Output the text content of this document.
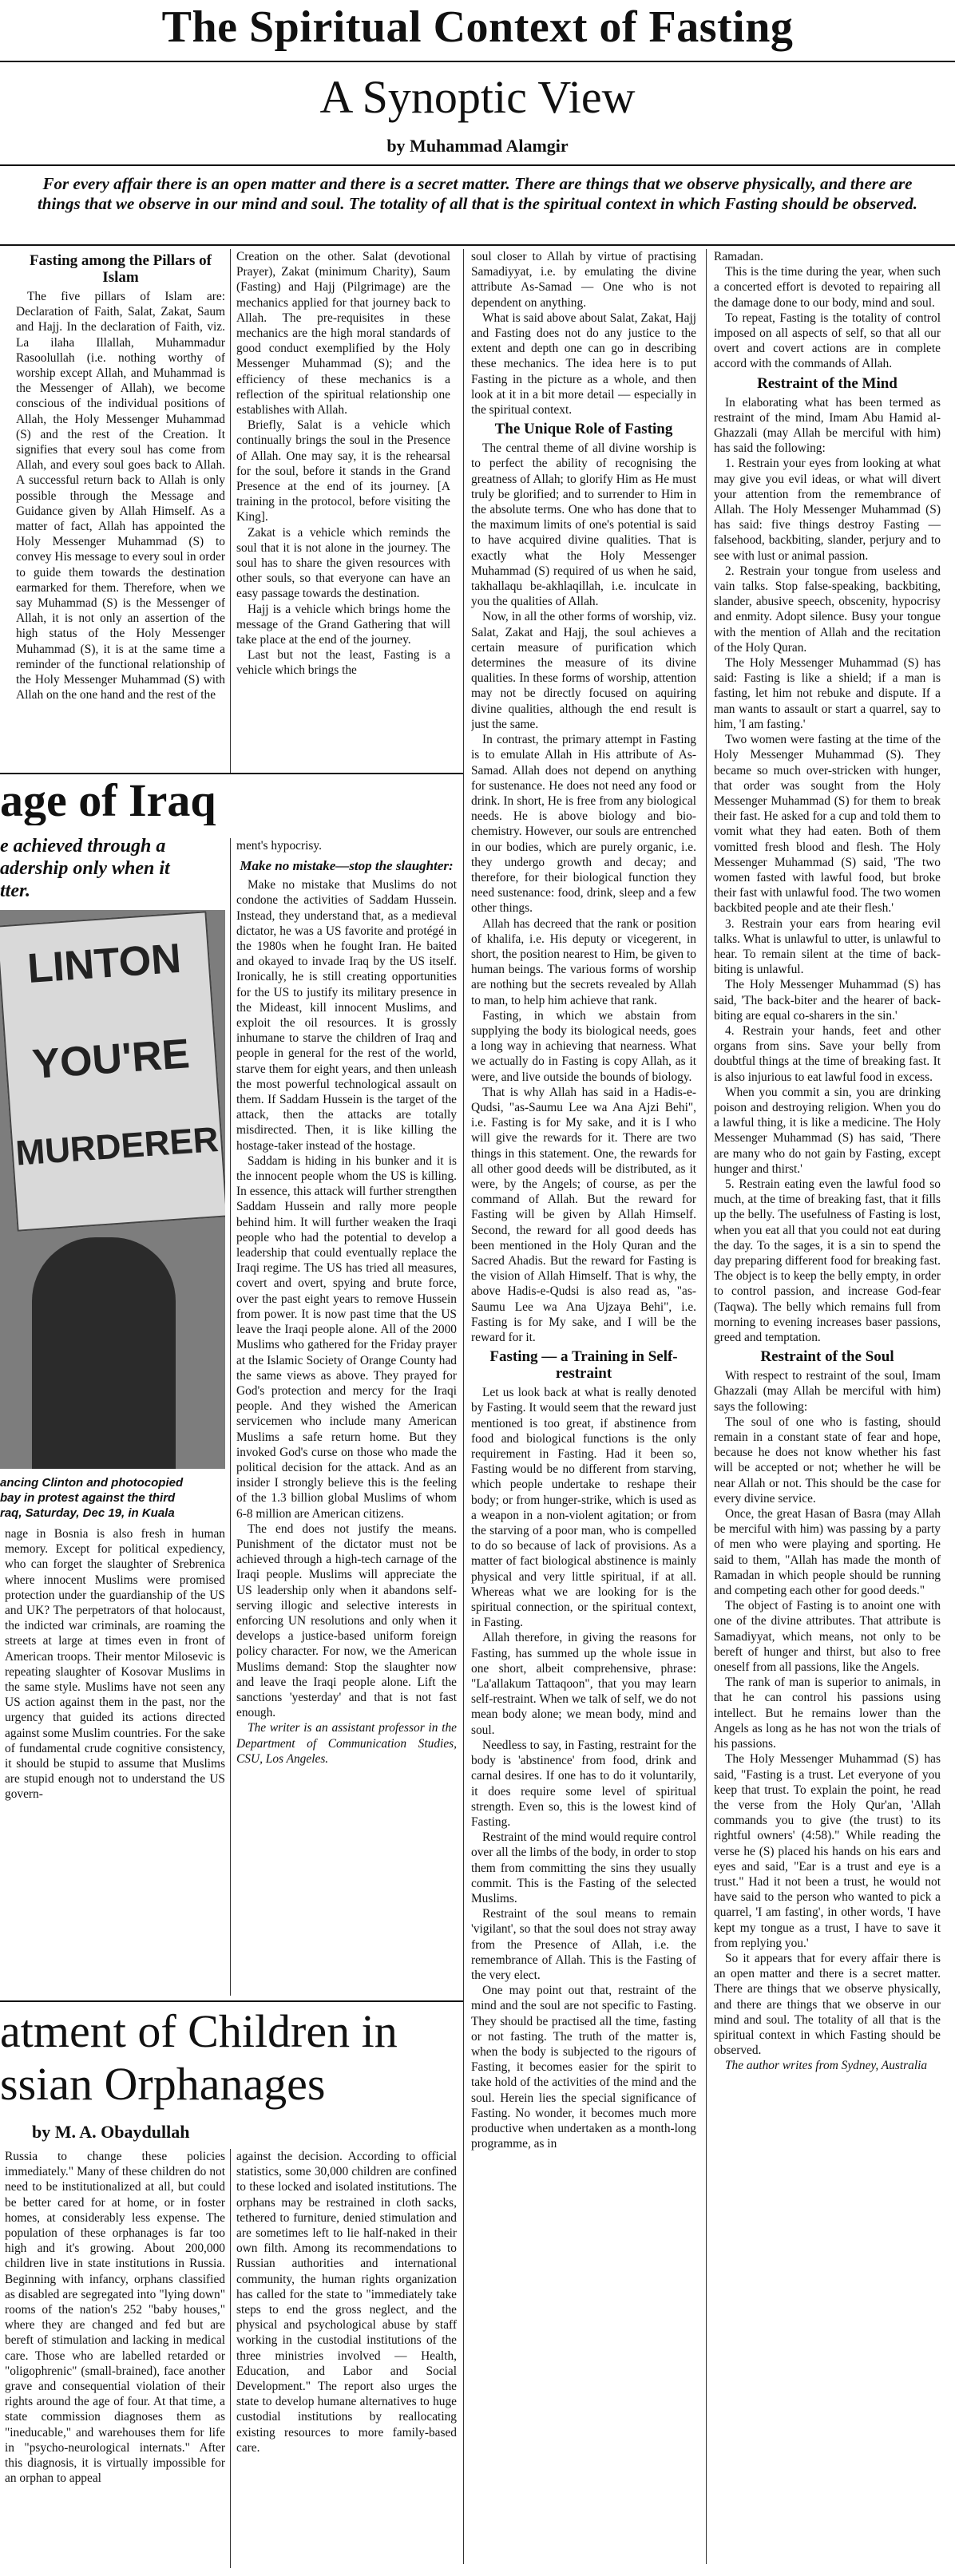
The Spiritual Context of Fasting
A Synoptic View
by Muhammad Alamgir
For every affair there is an open matter and there is a secret matter. There are things that we observe physically, and there are things that we observe in our mind and soul. The totality of all that is the spiritual context in which Fasting should be observed.
Fasting among the Pillars of Islam

The five pillars of Islam are: Declaration of Faith, Salat, Zakat, Saum and Hajj. In the declaration of Faith, viz. La ilaha Illallah, Muhammadur Rasoolullah (i.e. nothing worthy of worship except Allah, and Muhammad is the Messenger of Allah), we become conscious of the individual positions of Allah, the Holy Messenger Muhammad (S) and the rest of the Creation. It signifies that every soul has come from Allah, and every soul goes back to Allah. A successful return back to Allah is only possible through the Message and Guidance given by Allah Himself. As a matter of fact, Allah has appointed the Holy Messenger Muhammad (S) to convey His message to every soul in order to guide them towards the destination earmarked for them. Therefore, when we say Muhammad (S) is the Messenger of Allah, it is not only an assertion of the high status of the Holy Messenger Muhammad (S), it is at the same time a reminder of the functional relationship of the Holy Messenger Muhammad (S) with Allah on the one hand and the rest of the

Creation on the other. Salat (devotional Prayer), Zakat (minimum Charity), Saum (Fasting) and Hajj (Pilgrimage) are the mechanics applied for that journey back to Allah. The pre-requisites in these mechanics are the high moral standards of good conduct exemplified by the Holy Messenger Muhammad (S); and the efficiency of these mechanics is a reflection of the spiritual relationship one establishes with Allah.

Briefly, Salat is a vehicle which continually brings the soul in the Presence of Allah. One may say, it is the rehearsal for the soul, before it stands in the Grand Presence at the end of its journey. [A training in the protocol, before visiting the King].

Zakat is a vehicle which reminds the soul that it is not alone in the journey. The soul has to share the given resources with other souls, so that everyone can have an easy passage towards the destination.

Hajj is a vehicle which brings home the message of the Grand Gathering that will take place at the end of the journey.

Last but not the least, Fasting is a vehicle which brings the

soul closer to Allah by virtue of practising Samadiyyat, i.e. by emulating the divine attribute As-Samad — One who is not dependent on anything.

What is said above about Salat, Zakat, Hajj and Fasting does not do any justice to the extent and depth one can go in describing these mechanics. The idea here is to put Fasting in the picture as a whole, and then look at it in a bit more detail — especially in the spiritual context.

The Unique Role of Fasting

The central theme of all divine worship is to perfect the ability of recognising the greatness of Allah; to glorify Him as He must truly be glorified; and to surrender to Him in the absolute terms. One who has done that to the maximum limits of one's potential is said to have acquired divine qualities. That is exactly what the Holy Messenger Muhammad (S) required of us when he said, takhallaqu be-akhlaqillah, i.e. inculcate in you the qualities of Allah.

Now, in all the other forms of worship, viz. Salat, Zakat and Hajj, the soul achieves a certain measure of purification which determines the measure of its divine qualities. In these forms of worship, attention may not be directly focused on aquiring divine qualities, although the end result is just the same.

In contrast, the primary attempt in Fasting is to emulate Allah in His attribute of As-Samad. Allah does not depend on anything for sustenance. He does not need any food or drink. In short, He is free from any biological needs. He is above biology and bio-chemistry. However, our souls are entrenched in our bodies, which are purely organic, i.e. they undergo growth and decay; and therefore, for their biological function they need sustenance: food, drink, sleep and a few other things.

Allah has decreed that the rank or position of khalifa, i.e. His deputy or vicegerent, in short, the position nearest to Him, be given to human beings. The various forms of worship are nothing but the secrets revealed by Allah to man, to help him achieve that rank.

Fasting, in which we abstain from supplying the body its biological needs, goes a long way in achieving that nearness. What we actually do in Fasting is copy Allah, as it were, and live outside the bounds of biology.

That is why Allah has said in a Hadis-e-Qudsi, "as-Saumu Lee wa Ana Ajzi Behi", i.e. Fasting is for My sake, and it is I who will give the rewards for it. There are two things in this statement. One, the rewards for all other good deeds will be distributed, as it were, by the Angels; of course, as per the command of Allah. But the reward for Fasting will be given by Allah Himself. Second, the reward for all good deeds has been mentioned in the Holy Quran and the Sacred Ahadis. But the reward for Fasting is the vision of Allah Himself. That is why, the above Hadis-e-Qudsi is also read as, "as-Saumu Lee wa Ana Ujzaya Behi", i.e. Fasting is for My sake, and I will be the reward for it.

Fasting — a Training in Self-restraint

Let us look back at what is really denoted by Fasting. It would seem that the reward just mentioned is too great, if abstinence from food and biological functions is the only requirement in Fasting. Had it been so, Fasting would be no different from starving, which people undertake to reshape their body; or from hunger-strike, which is used as a weapon in a non-violent agitation; or from the starving of a poor man, who is compelled to do so because of lack of provisions. As a matter of fact biological abstinence is mainly physical and very little spiritual, if at all. Whereas what we are looking for is the spiritual connection, or the spiritual context, in Fasting.

Allah therefore, in giving the reasons for Fasting, has summed up the whole issue in one short, albeit comprehensive, phrase: "La'allakum Tattaqoon", that you may learn self-restraint. When we talk of self, we do not mean body alone; we mean body, mind and soul.

Needless to say, in Fasting, restraint for the body is 'abstinence' from food, drink and carnal desires. If one has to do it voluntarily, it does require some level of spiritual strength. Even so, this is the lowest kind of Fasting.

Restraint of the mind would require control over all the limbs of the body, in order to stop them from committing the sins they usually commit. This is the Fasting of the selected Muslims.

Restraint of the soul means to remain 'vigilant', so that the soul does not stray away from the Presence of Allah, i.e. the remembrance of Allah. This is the Fasting of the very elect.

One may point out that, restraint of the mind and the soul are not specific to Fasting. They should be practised all the time, fasting or not fasting. The truth of the matter is, when the body is subjected to the rigours of Fasting, it becomes easier for the spirit to take hold of the activities of the mind and the soul. Herein lies the special significance of Fasting. No wonder, it becomes much more productive when undertaken as a month-long programme, as in

Ramadan.

This is the time during the year, when such a concerted effort is devoted to repairing all the damage done to our body, mind and soul.

To repeat, Fasting is the totality of control imposed on all aspects of self, so that all our overt and covert actions are in complete accord with the commands of Allah.

Restraint of the Mind

In elaborating what has been termed as restraint of the mind, Imam Abu Hamid al-Ghazzali (may Allah be merciful with him) has said the following:

1. Restrain your eyes from looking at what may give you evil ideas, or what will divert your attention from the remembrance of Allah. The Holy Messenger Muhammad (S) has said: five things destroy Fasting — falsehood, backbiting, slander, perjury and to see with lust or animal passion.

2. Restrain your tongue from useless and vain talks. Stop false-speaking, backbiting, slander, abusive speech, obscenity, hypocrisy and enmity. Adopt silence. Busy your tongue with the mention of Allah and the recitation of the Holy Quran.

The Holy Messenger Muhammad (S) has said: Fasting is like a shield; if a man is fasting, let him not rebuke and dispute. If a man wants to assault or start a quarrel, say to him, 'I am fasting.'

Two women were fasting at the time of the Holy Messenger Muhammad (S). They became so much over-stricken with hunger, that order was sought from the Holy Messenger Muhammad (S) for them to break their fast. He asked for a cup and told them to vomit what they had eaten. Both of them vomitted fresh blood and flesh. The Holy Messenger Muhammad (S) said, 'The two women fasted with lawful food, but broke their fast with unlawful food. The two women backbited people and ate their flesh.'

3. Restrain your ears from hearing evil talks. What is unlawful to utter, is unlawful to hear. To remain silent at the time of back-biting is unlawful.

The Holy Messenger Muhammad (S) has said, 'The back-biter and the hearer of back-biting are equal co-sharers in the sin.'

4. Restrain your hands, feet and other organs from sins. Save your belly from doubtful things at the time of breaking fast. It is also injurious to eat lawful food in excess.

When you commit a sin, you are drinking poison and destroying religion. When you do a lawful thing, it is like a medicine. The Holy Messenger Muhammad (S) has said, 'There are many who do not gain by Fasting, except hunger and thirst.'

5. Restrain eating even the lawful food so much, at the time of breaking fast, that it fills up the belly. The usefulness of Fasting is lost, when you eat all that you could not eat during the day. To the sages, it is a sin to spend the day preparing different food for breaking fast. The object is to keep the belly empty, in order to control passion, and increase God-fear (Taqwa). The belly which remains full from morning to evening increases baser passions, greed and temptation.

Restraint of the Soul

With respect to restraint of the soul, Imam Ghazzali (may Allah be merciful with him) says the following:

The soul of one who is fasting, should remain in a constant state of fear and hope, because he does not know whether his fast will be accepted or not; whether he will be near Allah or not. This should be the case for every divine service.

Once, the great Hasan of Basra (may Allah be merciful with him) was passing by a party of men who were playing and sporting. He said to them, "Allah has made the month of Ramadan in which people should be running and competing each other for good deeds."

The object of Fasting is to anoint one with one of the divine attributes. That attribute is Samadiyyat, which means, not only to be bereft of hunger and thirst, but also to free oneself from all passions, like the Angels.

The rank of man is superior to animals, in that he can control his passions using intellect. But he remains lower than the Angels as long as he has not won the trials of his passions.

The Holy Messenger Muhammad (S) has said, "Fasting is a trust. Let everyone of you keep that trust. To explain the point, he read the verse from the Holy Qur'an, 'Allah commands you to give (the trust) to its rightful owners' (4:58)." While reading the verse he (S) placed his hands on his ears and eyes and said, "Ear is a trust and eye is a trust." Had it not been a trust, he would not have said to the person who wanted to pick a quarrel, 'I am fasting', in other words, 'I have kept my tongue as a trust, I have to save it from replying you.'

So it appears that for every affair there is an open matter and there is a secret matter. There are things that we observe physically, and there are things that we observe in our mind and soul. The totality of all that is the spiritual context in which Fasting should be observed.

The author writes from Sydney, Australia

age of Iraq
e achieved through a
adership only when it
tter.
LINTON
YOU'RE
MURDERER
ancing Clinton and photocopied
bay in protest against the third
raq, Saturday, Dec 19, in Kuala

nage in Bosnia is also fresh in human memory. Except for political expediency, who can forget the slaughter of Srebrenica where innocent Muslims were promised protection under the guardianship of the US and UK? The perpetrators of that holocaust, the indicted war criminals, are roaming the streets at large at times even in front of American troops. Their mentor Milosevic is repeating slaughter of Kosovar Muslims in the same style. Muslims have not seen any US action against them in the past, nor the urgency that guided its actions directed against some Muslim countries. For the sake of fundamental crude cognitive consistency, it should be stupid to assume that Muslims are stupid enough not to understand the US govern-

ment's hypocrisy.

Make no mistake—stop the slaughter:

Make no mistake that Muslims do not condone the activities of Saddam Hussein. Instead, they understand that, as a medieval dictator, he was a US favorite and protégé in the 1980s when he fought Iran. He baited and okayed to invade Iraq by the US itself. Ironically, he is still creating opportunities for the US to justify its military presence in the Mideast, kill innocent Muslims, and exploit the oil resources. It is grossly inhumane to starve the children of Iraq and people in general for the rest of the world, starve them for eight years, and then unleash the most powerful technological assault on them. If Saddam Hussein is the target of the attack, then the attacks are totally misdirected. Then, it is like killing the hostage-taker instead of the hostage.

Saddam is hiding in his bunker and it is the innocent people whom the US is killing. In essence, this attack will further strengthen Saddam Hussein and rally more people behind him. It will further weaken the Iraqi people who had the potential to develop a leadership that could eventually replace the Iraqi regime. The US has tried all measures, covert and overt, spying and brute force, over the past eight years to remove Hussein from power. It is now past time that the US leave the Iraqi people alone. All of the 2000 Muslims who gathered for the Friday prayer at the Islamic Society of Orange County had the same views as above. They prayed for God's protection and mercy for the Iraqi people. And they wished the American servicemen who include many American Muslims a safe return home. But they invoked God's curse on those who made the political decision for the attack. And as an insider I strongly believe this is the feeling of the 1.3 billion global Muslims of whom 6-8 million are American citizens.

The end does not justify the means. Punishment of the dictator must not be achieved through a high-tech carnage of the Iraqi people. Muslims will appreciate the US leadership only when it abandons self-serving illogic and selective interests in enforcing UN resolutions and only when it develops a justice-based uniform foreign policy character. For now, we the American Muslims demand: Stop the slaughter now and leave the Iraqi people alone. Lift the sanctions 'yesterday' and that is not fast enough.

The writer is an assistant professor in the Department of Communication Studies, CSU, Los Angeles.

atment of Children in
ssian Orphanages
by M. A. Obaydullah

Russia to change these policies immediately." Many of these children do not need to be institutionalized at all, but could be better cared for at home, or in foster homes, at considerably less expense. The population of these orphanages is far too high and it's growing. About 200,000 children live in state institutions in Russia. Beginning with infancy, orphans classified as disabled are segregated into "lying down" rooms of the nation's 252 "baby houses," where they are changed and fed but are bereft of stimulation and lacking in medical care. Those who are labelled retarded or "oligophrenic" (small-brained), face another grave and consequential violation of their rights around the age of four. At that time, a state commission diagnoses them as "ineducable," and warehouses them for life in "psycho-neurological internats." After this diagnosis, it is virtually impossible for an orphan to appeal

against the decision. According to official statistics, some 30,000 children are confined to these locked and isolated institutions. The orphans may be restrained in cloth sacks, tethered to furniture, denied stimulation and are sometimes left to lie half-naked in their own filth. Among its recommendations to Russian authorities and international community, the human rights organization has called for the state to "immediately take steps to end the gross neglect, and the physical and psychological abuse by staff working in the custodial institutions of the three ministries involved — Health, Education, and Labor and Social Development." The report also urges the state to develop humane alternatives to huge custodial institutions by reallocating existing resources to more family-based care.
